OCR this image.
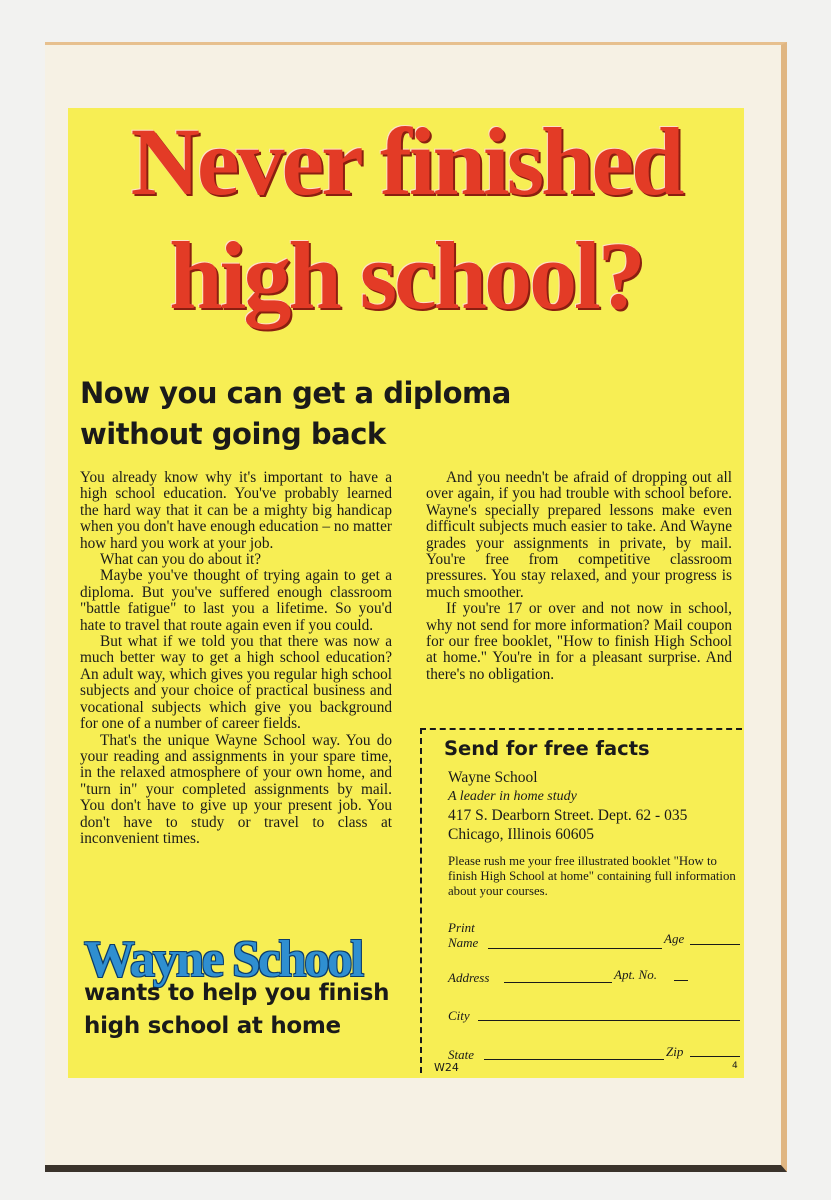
Never finished
high school?
Now you can get a diploma
without going back

You already know why it's important to have a high school education. You've probably learned the hard way that it can be a mighty big handicap when you don't have enough education – no matter how hard you work at your job.

What can you do about it?

Maybe you've thought of trying again to get a diploma. But you've suffered enough classroom "battle fatigue" to last you a lifetime. So you'd hate to travel that route again even if you could.

But what if we told you that there was now a much better way to get a high school education? An adult way, which gives you regular high school subjects and your choice of practical business and vocational subjects which give you background for one of a number of career fields.

That's the unique Wayne School way. You do your reading and assignments in your spare time, in the relaxed atmosphere of your own home, and "turn in" your completed assignments by mail. You don't have to give up your present job. You don't have to study or travel to class at inconvenient times.

And you needn't be afraid of dropping out all over again, if you had trouble with school before. Wayne's specially prepared lessons make even difficult subjects much easier to take. And Wayne grades your assignments in private, by mail. You're free from competitive classroom pressures. You stay relaxed, and your progress is much smoother.

If you're 17 or over and not now in school, why not send for more information? Mail coupon for our free booklet, "How to finish High School at home." You're in for a pleasant surprise. And there's no obligation.

Wayne School
wants to help you finish
high school at home
Send for free facts
Wayne School
A leader in home study
417 S. Dearborn Street. Dept. 62 - 035
Chicago, Illinois 60605
Please rush me your free illustrated booklet "How to finish High School at home" containing full information about your courses.
Print
Name	Age
Address	Apt. No.
City
State	Zip
W24	4
